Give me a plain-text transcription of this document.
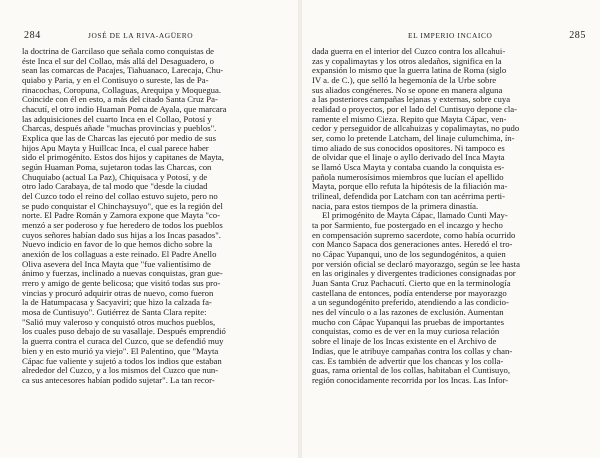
284	JOSÉ DE LA RIVA-AGÜERO
la doctrina de Garcilaso que señala como conquistas de
éste Inca el sur del Collao, más allá del Desaguadero, o
sean las comarcas de Pacajes, Tiahuanaco, Larecaja, Chu-
quiabo y Paria, y en el Contisuyo o sureste, las de Pa-
rinacochas, Coropuna, Collaguas, Arequipa y Moquegua.
Coincide con él en esto, a más del citado Santa Cruz Pa-
chacutí, el otro indio Huaman Poma de Ayala, que marcara
las adquisiciones del cuarto Inca en el Collao, Potosí y
Charcas, después añade "muchas provincias y pueblos".
Explica que las de Charcas las ejecutó por medio de sus
hijos Apu Mayta y Huillcac Inca, el cual parece haber
sido el primogénito. Estos dos hijos y capitanes de Mayta,
según Huaman Poma, sujetaron todas las Charcas, con
Chuquiabo (actual La Paz), Chiquisaca y Potosí, y de
otro lado Carabaya, de tal modo que "desde la ciudad
del Cuzco todo el reino del collao estuvo sujeto, pero no
se pudo conquistar el Chinchaysuyo", que es la región del
norte. El Padre Román y Zamora expone que Mayta "co-
menzó a ser poderoso y fue heredero de todos los pueblos
cuyos señores habían dado sus hijas a los Incas pasados".
Nuevo indicio en favor de lo que hemos dicho sobre la
anexión de los collaguas a este reinado. El Padre Anello
Oliva asevera del Inca Mayta que "fue valientísimo de
ánimo y fuerzas, inclinado a nuevas conquistas, gran gue-
rrero y amigo de gente belicosa; que visitó todas sus pro-
vincias y procuró adquirir otras de nuevo, como fueron
la de Hatumpacasa y Sacyaviri; que hizo la calzada fa-
mosa de Cuntisuyo". Gutiérrez de Santa Clara repite:
"Salió muy valeroso y conquistó otros muchos pueblos,
los cuales puso debajo de su vasallaje. Después emprendió
la guerra contra el curaca del Cuzco, que se defendió muy
bien y en esto murió ya viejo". El Palentino, que "Mayta
Cápac fue valiente y sujetó a todos los indios que estaban
alrededor del Cuzco, y a los mismos del Cuzco que nun-
ca sus antecesores habían podido sujetar". La tan recor-
EL IMPERIO INCAICO	285
dada guerra en el interior del Cuzco contra los allcahui-
zas y copalimaytas y los otros aledaños, significa en la
expansión lo mismo que la guerra latina de Roma (siglo
IV a. de C.), que selló la hegemonía de la Urbe sobre
sus aliados congéneres. No se opone en manera alguna
a las posteriores campañas lejanas y externas, sobre cuya
realidad o proyectos, por el lado del Cuntisuyo depone cla-
ramente el mismo Cieza. Repito que Mayta Cápac, ven-
cedor y perseguidor de allcahuizas y copalimaytas, no pudo
ser, como lo pretende Latcham, del linaje culumchima, ín-
timo aliado de sus conocidos opositores. Ni tampoco es
de olvidar que el linaje o ayllo derivado del Inca Mayta
se llamó Usca Mayta y contaba cuando la conquista es-
pañola numerosísimos miembros que lucían el apellido
Mayta, porque ello refuta la hipótesis de la filiación ma-
trilineal, defendida por Latcham con tan acérrima perti-
nacia, para estos tiempos de la primera dinastía.
El primogénito de Mayta Cápac, llamado Cunti May-
ta por Sarmiento, fue postergado en el incazgo y hecho
en compensación supremo sacerdote, como había ocurrido
con Manco Sapaca dos generaciones antes. Heredó el tro-
no Cápac Yupanqui, uno de los segundogénitos, a quien
por versión oficial se declaró mayorazgo, según se lee hasta
en las originales y divergentes tradiciones consignadas por
Juan Santa Cruz Pachacutí. Cierto que en la terminología
castellana de entonces, podía entenderse por mayorazgo
a un segundogénito preferido, atendiendo a las condicio-
nes del vínculo o a las razones de exclusión. Aumentan
mucho con Cápac Yupanqui las pruebas de importantes
conquistas, como es de ver en la muy curiosa relación
sobre el linaje de los Incas existente en el Archivo de
Indias, que le atribuye campañas contra los collas y chan-
cas. Es también de advertir que los chancas y los colla-
guas, rama oriental de los collas, habitaban el Cuntisuyo,
región conocidamente recorrida por los Incas. Las Infor-
